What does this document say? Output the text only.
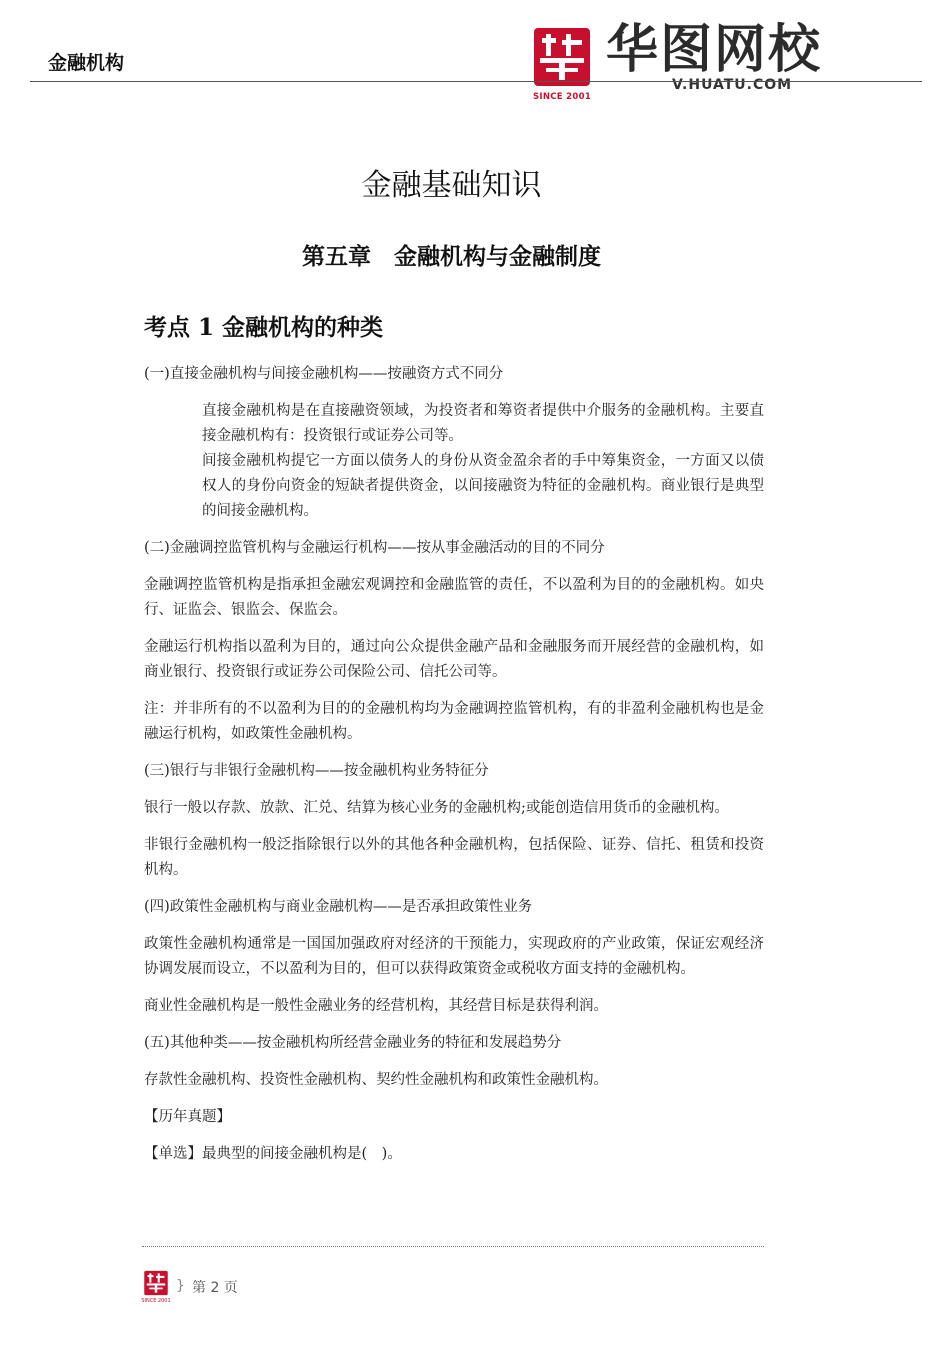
金融机构
SINCE 2001
华图网校
V.HUATU.COM
金融基础知识
第五章　金融机构与金融制度
考点 1 金融机构的种类

(一)直接金融机构与间接金融机构——按融资方式不同分

直接金融机构是在直接融资领域，为投资者和筹资者提供中介服务的金融机构。主要直接金融机构有：投资银行或证券公司等。

间接金融机构提它一方面以债务人的身份从资金盈余者的手中筹集资金，一方面又以债权人的身份向资金的短缺者提供资金，以间接融资为特征的金融机构。商业银行是典型的间接金融机构。

(二)金融调控监管机构与金融运行机构——按从事金融活动的目的不同分

金融调控监管机构是指承担金融宏观调控和金融监管的责任，不以盈利为目的的金融机构。如央行、证监会、银监会、保监会。

金融运行机构指以盈利为目的，通过向公众提供金融产品和金融服务而开展经营的金融机构，如商业银行、投资银行或证券公司保险公司、信托公司等。

注：并非所有的不以盈利为目的的金融机构均为金融调控监管机构，有的非盈利金融机构也是金融运行机构，如政策性金融机构。

(三)银行与非银行金融机构——按金融机构业务特征分

银行一般以存款、放款、汇兑、结算为核心业务的金融机构;或能创造信用货币的金融机构。

非银行金融机构一般泛指除银行以外的其他各种金融机构，包括保险、证券、信托、租赁和投资机构。

(四)政策性金融机构与商业金融机构——是否承担政策性业务

政策性金融机构通常是一国国加强政府对经济的干预能力，实现政府的产业政策，保证宏观经济协调发展而设立，不以盈利为目的，但可以获得政策资金或税收方面支持的金融机构。

商业性金融机构是一般性金融业务的经营机构，其经营目标是获得利润。

(五)其他种类——按金融机构所经营金融业务的特征和发展趋势分

存款性金融机构、投资性金融机构、契约性金融机构和政策性金融机构。

【历年真题】

【单选】最典型的间接金融机构是(　)。

SINCE 2001
} 第 2 页
